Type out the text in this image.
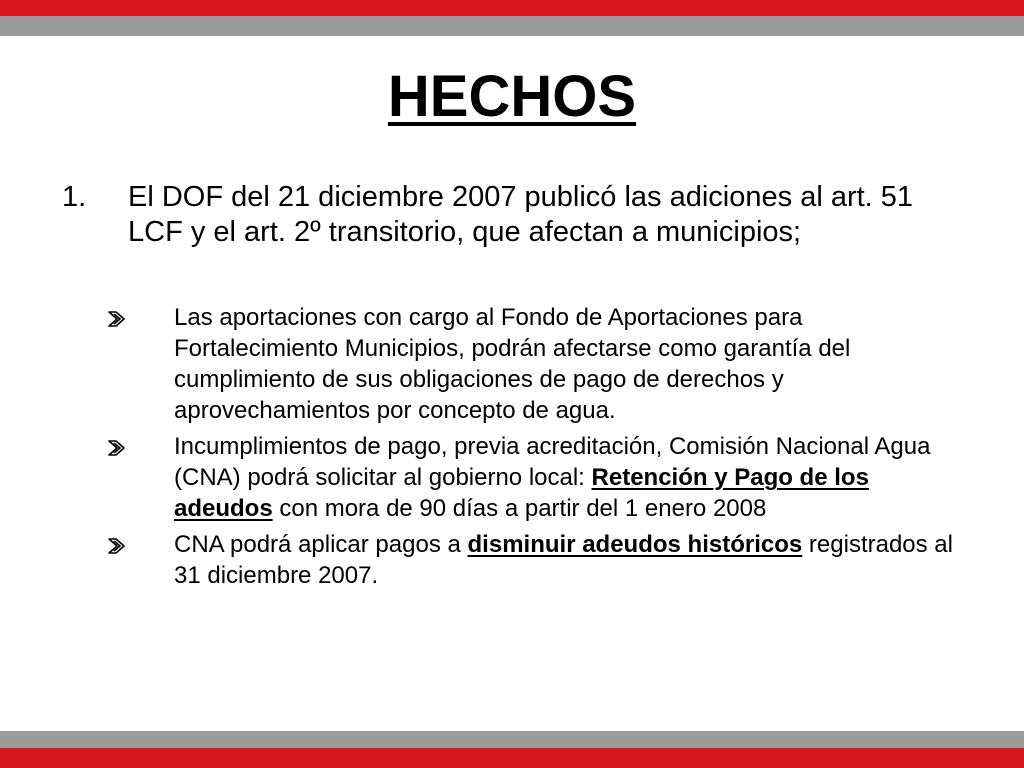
HECHOS
1. El DOF del 21 diciembre 2007 publicó las adiciones al art. 51 LCF y el art. 2º transitorio, que afectan a municipios;
Las aportaciones con cargo al Fondo de Aportaciones para Fortalecimiento Municipios, podrán afectarse como garantía del cumplimiento de sus obligaciones de pago de derechos y aprovechamientos por concepto de agua.
Incumplimientos de pago, previa acreditación, Comisión Nacional Agua (CNA) podrá solicitar al gobierno local: Retención y Pago de los adeudos con mora de 90 días a partir del 1 enero 2008
CNA podrá aplicar pagos a disminuir adeudos históricos registrados al 31 diciembre 2007.
